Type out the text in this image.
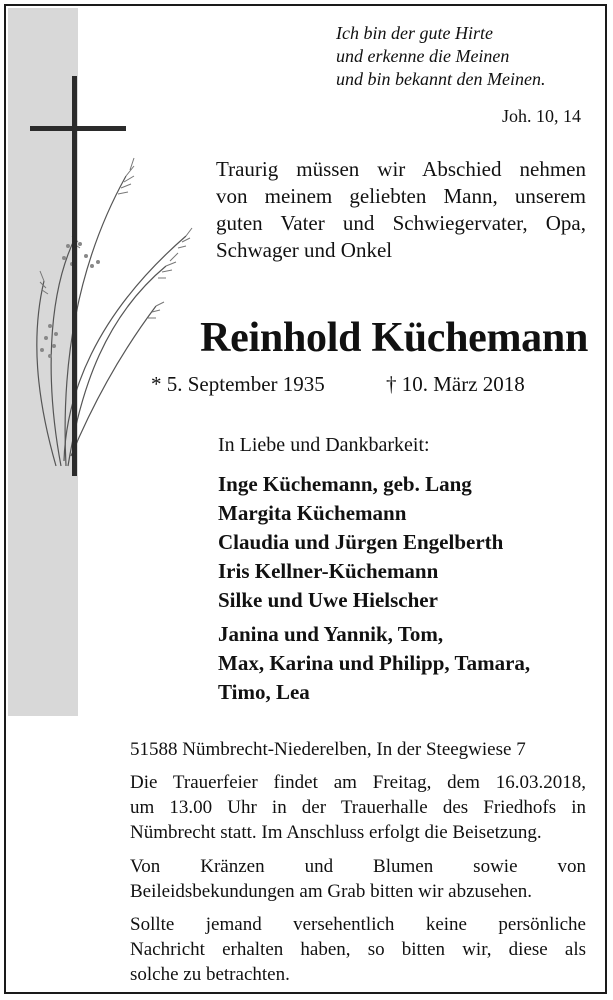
Ich bin der gute Hirte
und erkenne die Meinen
und bin bekannt den Meinen.
Joh. 10, 14
Traurig müssen wir Abschied nehmen
von meinem geliebten Mann, unserem
guten Vater und Schwiegervater, Opa,
Schwager und Onkel
Reinhold Küchemann
* 5. September 1935	† 10. März 2018
In Liebe und Dankbarkeit:
Inge Küchemann, geb. Lang
Margita Küchemann
Claudia und Jürgen Engelberth
Iris Kellner-Küchemann
Silke und Uwe Hielscher
Janina und Yannik, Tom,
Max, Karina und Philipp, Tamara,
Timo, Lea
51588 Nümbrecht-Niederelben, In der Steegwiese 7
Die Trauerfeier findet am Freitag, dem 16.03.2018,
um 13.00 Uhr in der Trauerhalle des Friedhofs in
Nümbrecht statt. Im Anschluss erfolgt die Beisetzung.
Von Kränzen und Blumen sowie von
Beileidsbekundungen am Grab bitten wir abzusehen.
Sollte jemand versehentlich keine persönliche
Nachricht erhalten haben, so bitten wir, diese als
solche zu betrachten.
